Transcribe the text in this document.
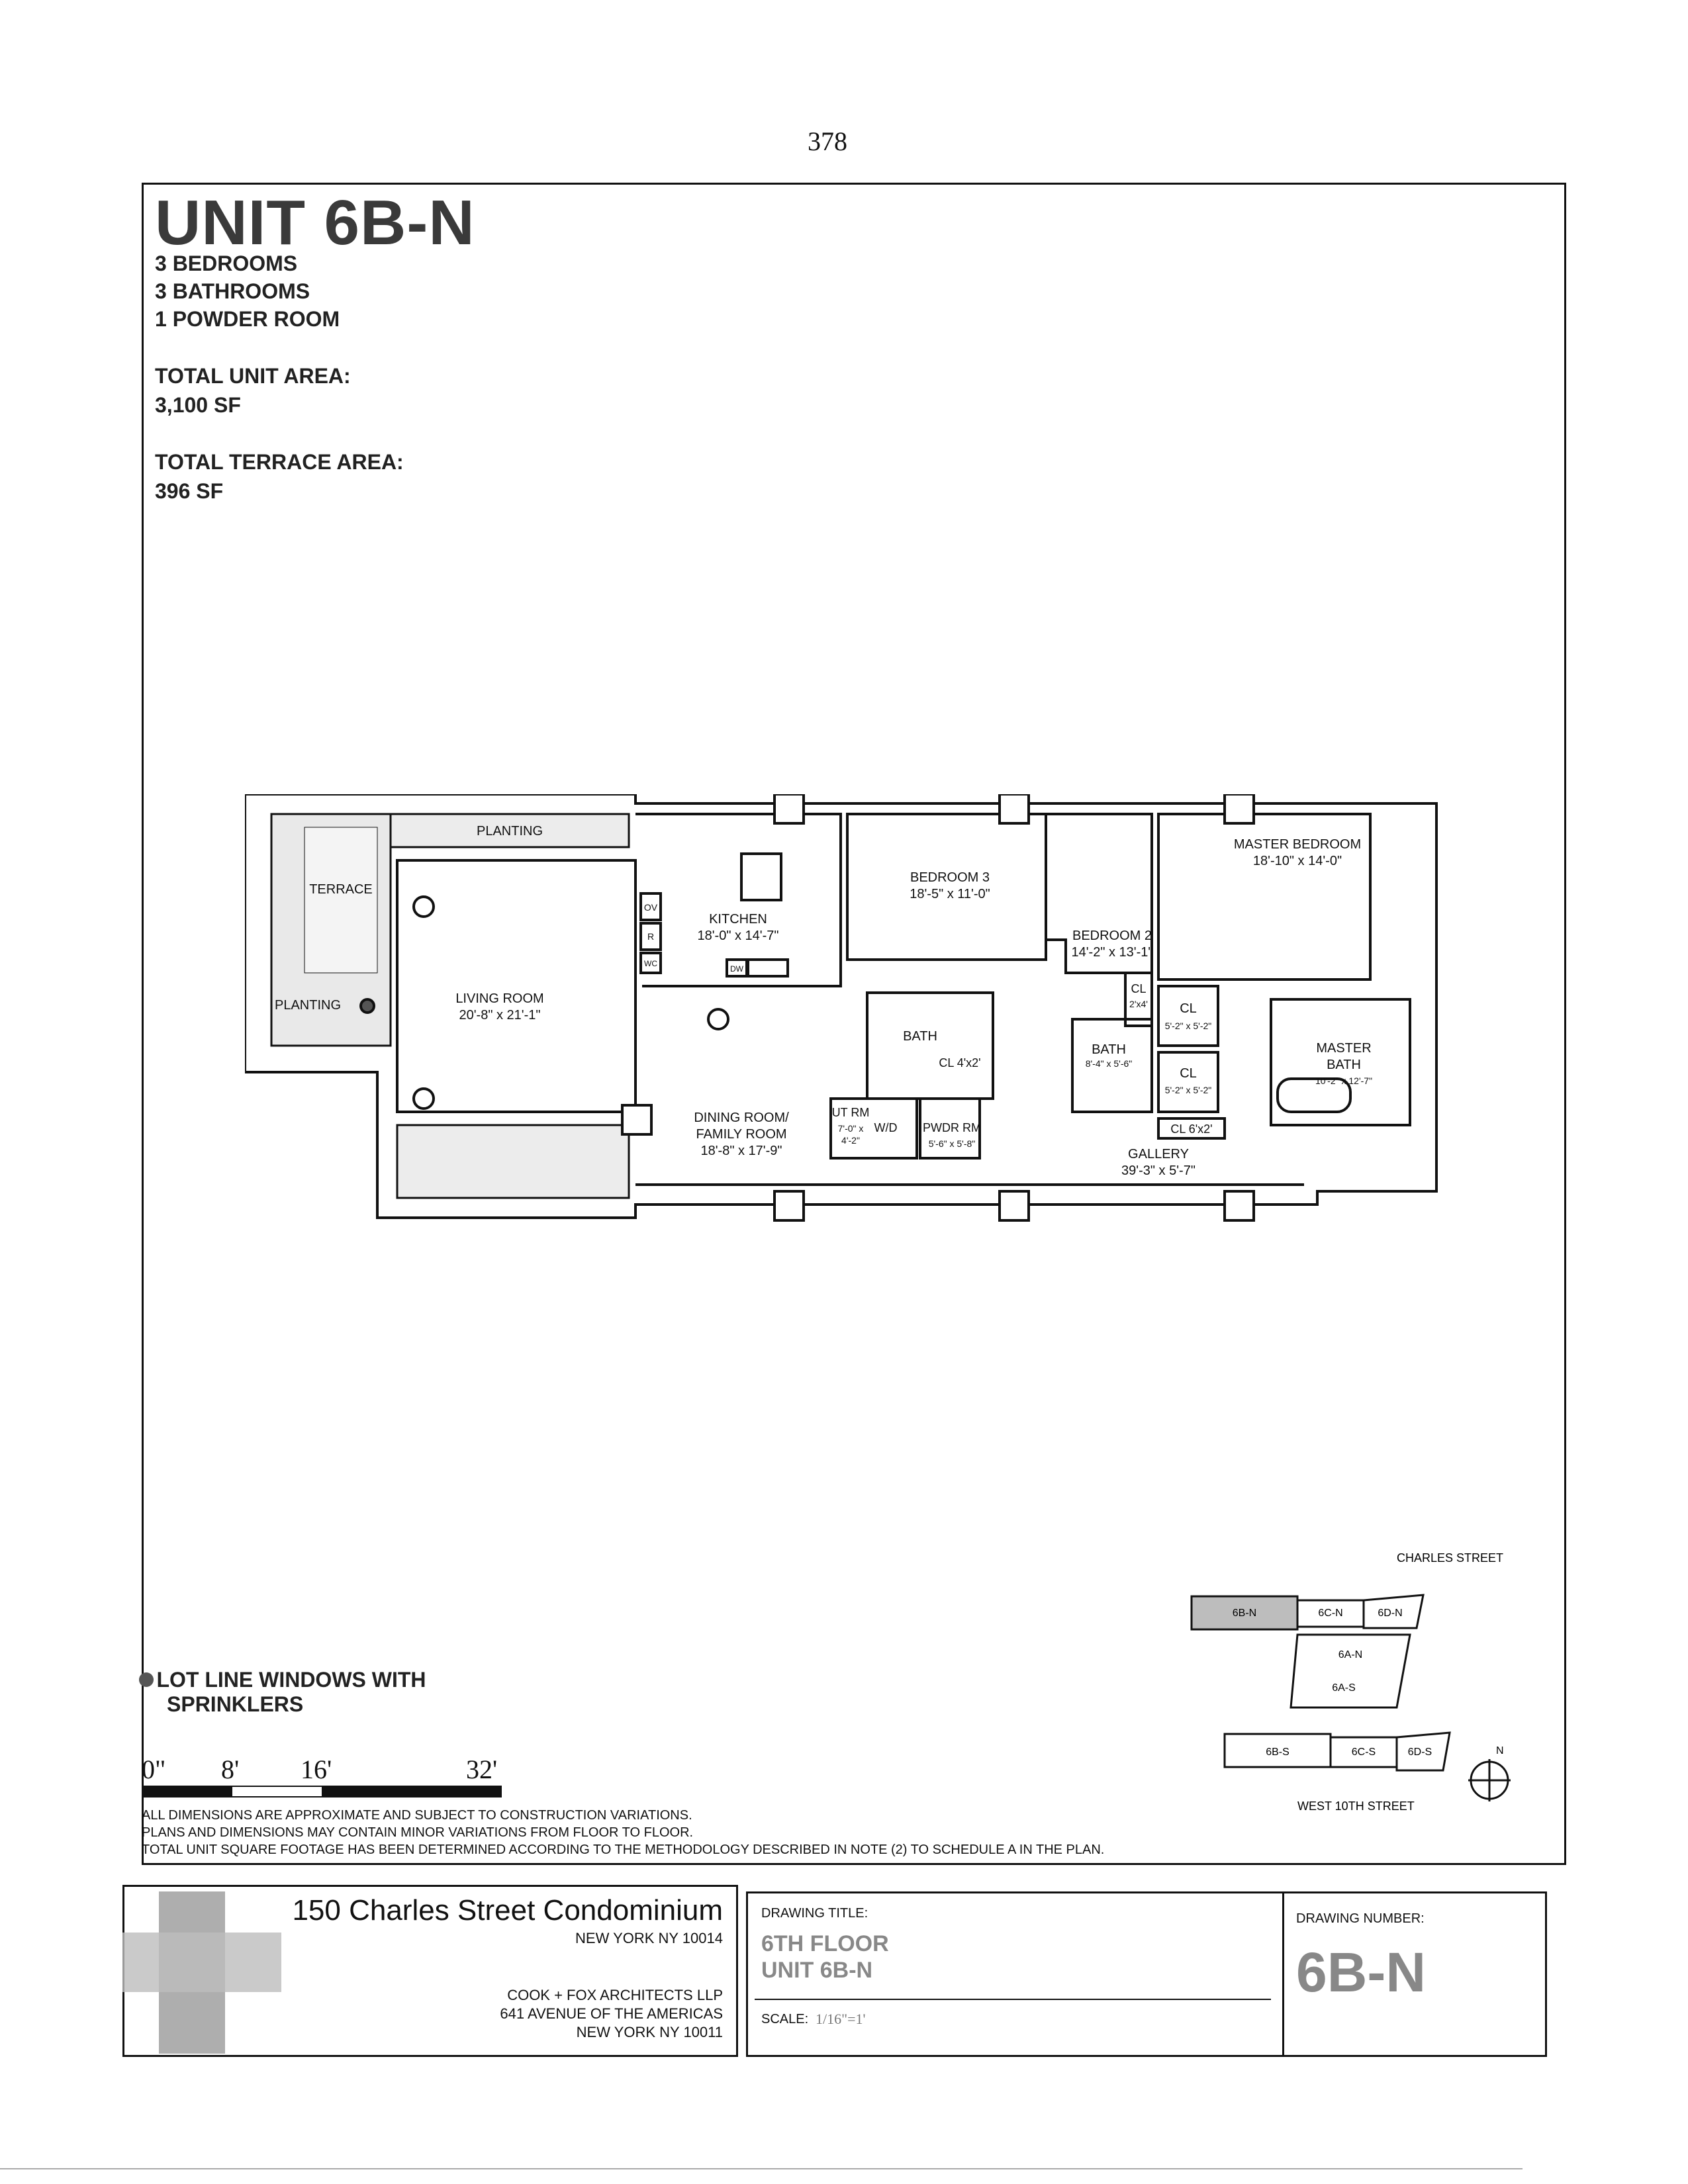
378
UNIT 6B-N
3 BEDROOMS
3 BATHROOMS
1 POWDER ROOM
TOTAL UNIT AREA:
3,100 SF
TOTAL TERRACE AREA:
396 SF
PLANTING
TERRACE
PLANTING
KITCHEN
18'-0" x 14'-7"
LIVING ROOM
20'-8" x 21'-1"
DINING ROOM/
FAMILY ROOM
18'-8" x 17'-9"
BEDROOM 3
18'-5" x 11'-0"
BEDROOM 2
14'-2" x 13'-1"
MASTER BEDROOM
18'-10" x 14'-0"
BATH
CL 4'x2'
UT RM
7'-0" x
4'-2"
W/D PWDR RM
5'-6" x 5'-8"
CL
2'x4' CL
5'-2" x 5'-2"
CL
5'-2" x 5'-2"
BATH
8'-4" x 5'-6"
CL 6'x2'
MASTER
BATH
10'-2" x 12'-7"
GALLERY
39'-3" x 5'-7"
OV
R
WC
DW
LOT LINE WINDOWS WITH
SPRINKLERS
0" 8' 16'	32'
ALL DIMENSIONS ARE APPROXIMATE AND SUBJECT TO CONSTRUCTION VARIATIONS.
PLANS AND DIMENSIONS MAY CONTAIN MINOR VARIATIONS FROM FLOOR TO FLOOR.
TOTAL UNIT SQUARE FOOTAGE HAS BEEN DETERMINED ACCORDING TO THE METHODOLOGY DESCRIBED IN NOTE (2) TO SCHEDULE A IN THE PLAN.
CHARLES STREET
6B-N	6C-N	6D-N
6A-N
6A-S
6B-S	6C-S	6D-S
WEST 10TH STREET
N
150 Charles Street Condominium
NEW YORK NY 10014
COOK + FOX ARCHITECTS LLP
641 AVENUE OF THE AMERICAS
NEW YORK NY 10011
DRAWING TITLE:
6TH FLOOR
UNIT 6B-N
SCALE: 1/16"=1'
DRAWING NUMBER:
6B-N
